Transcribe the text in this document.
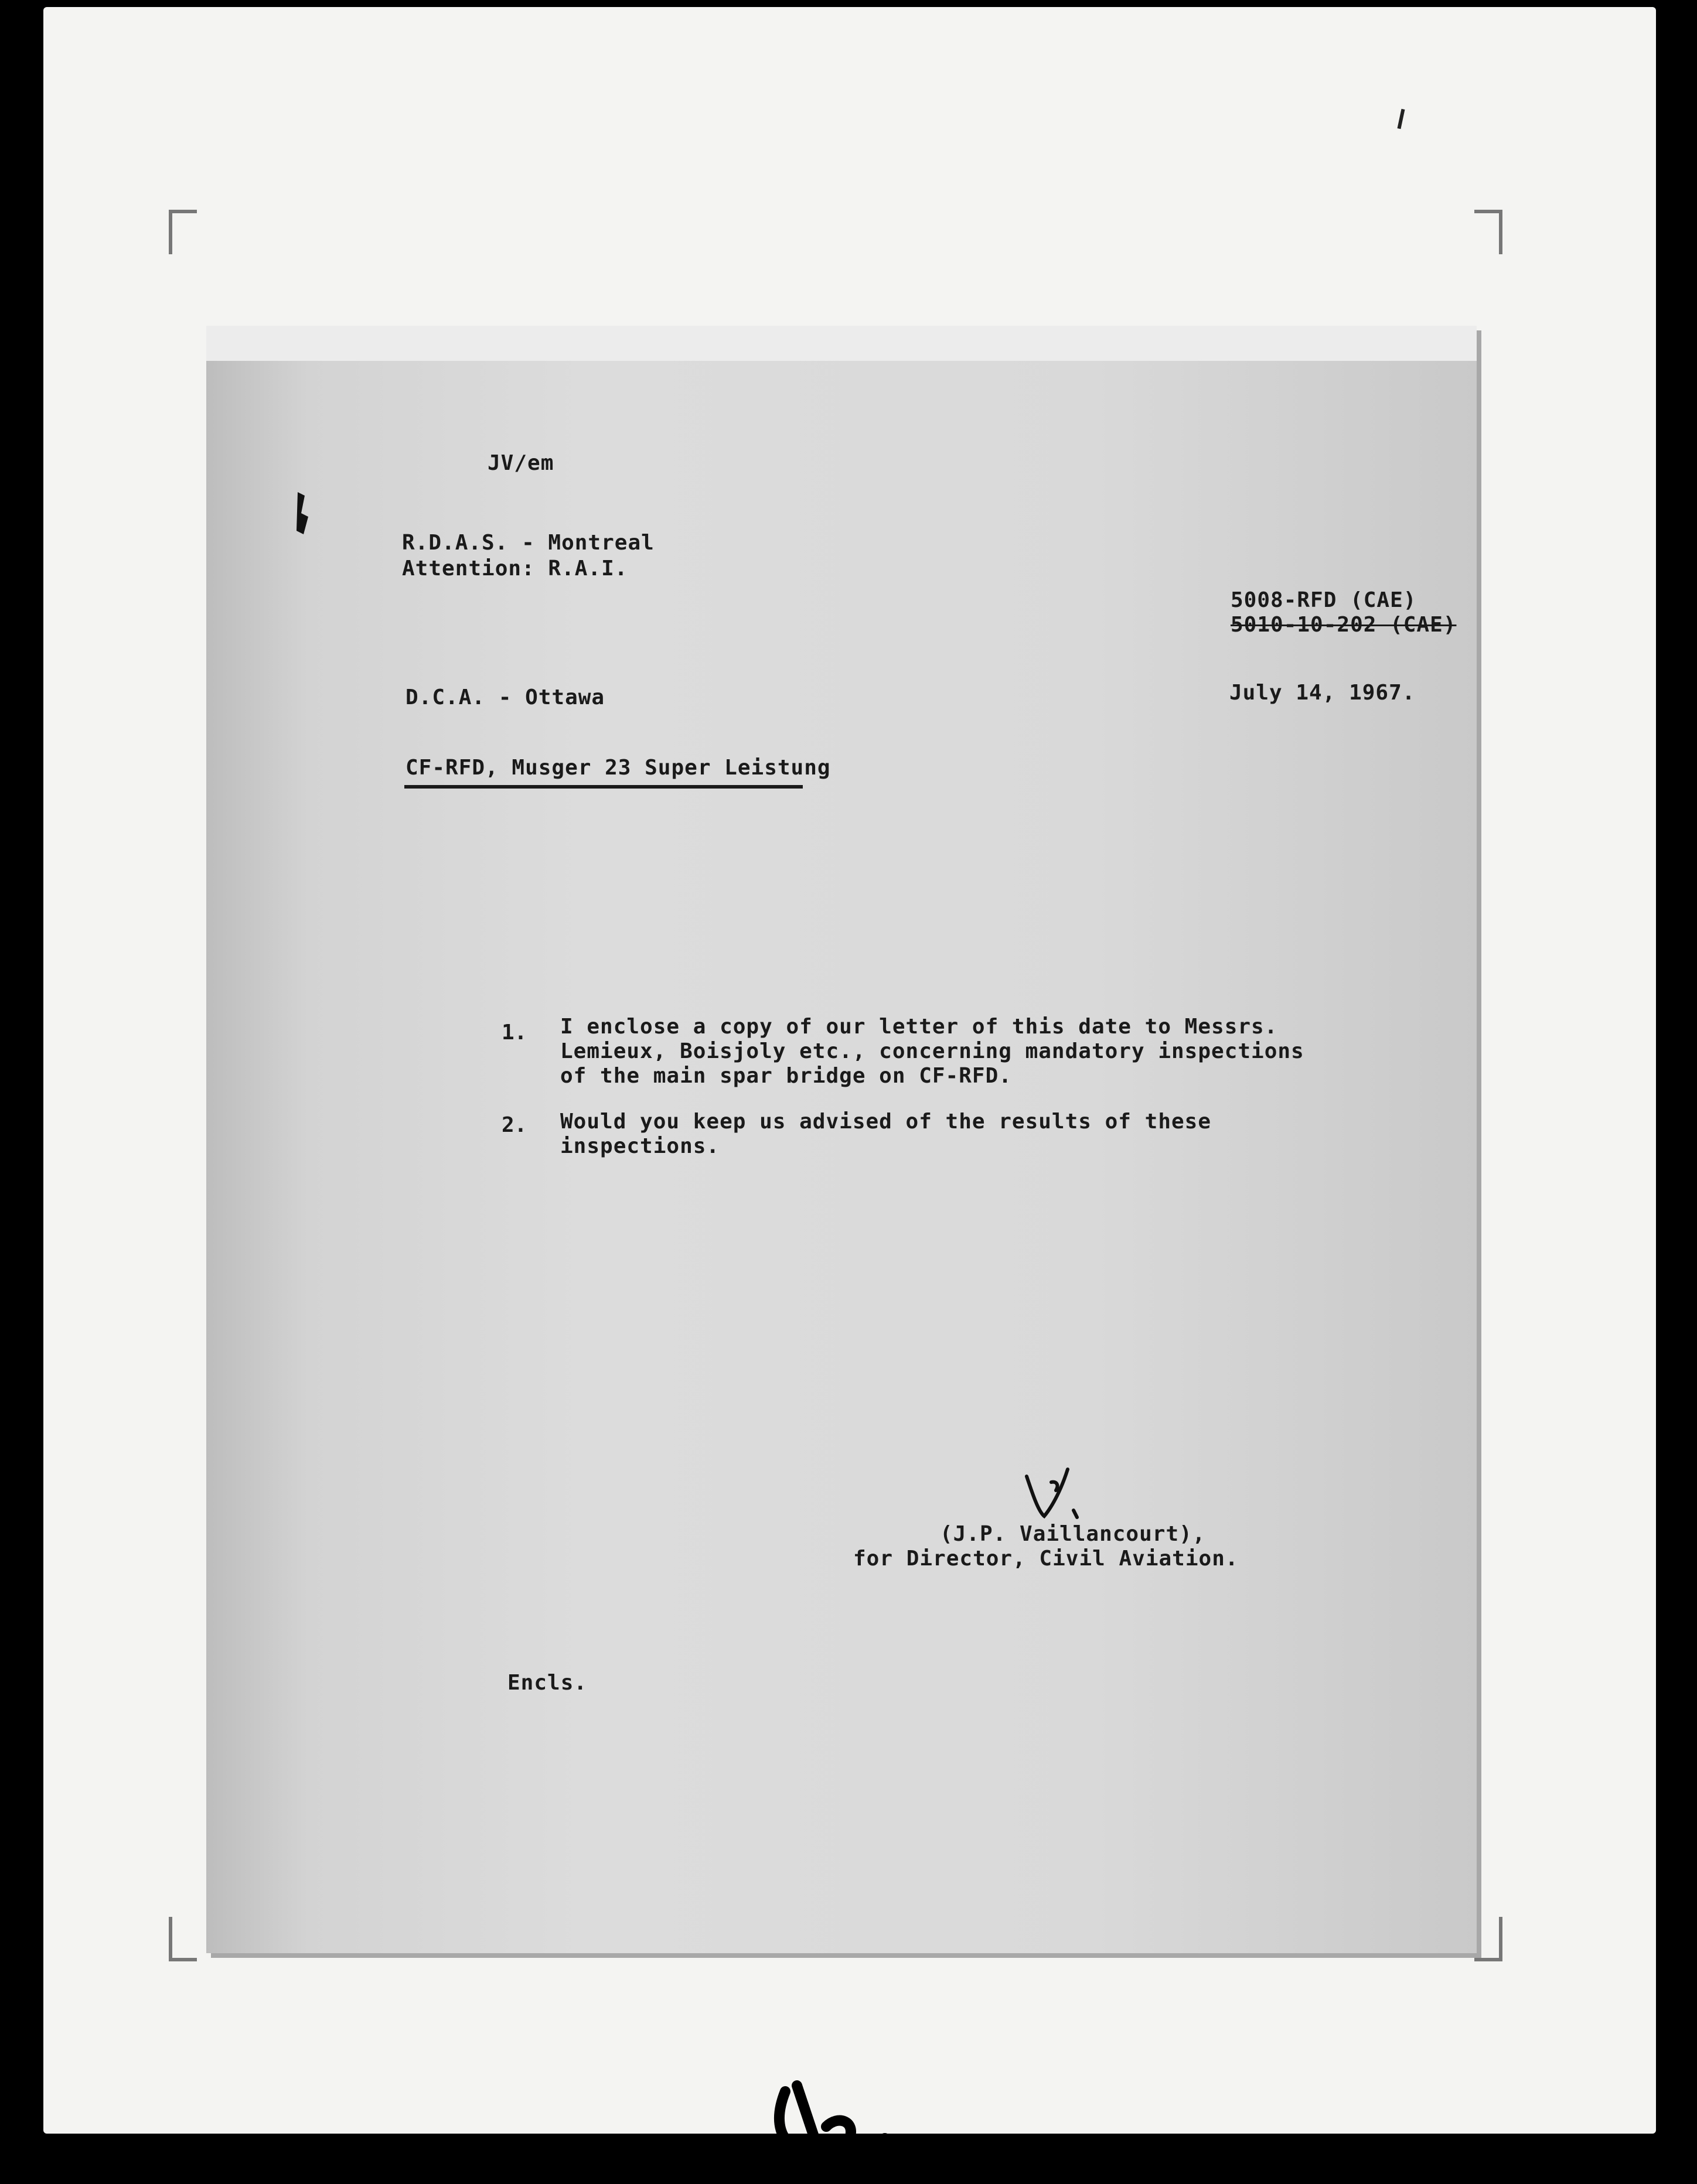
JV/em
R.D.A.S. - Montreal
Attention: R.A.I.
5008-RFD (CAE)
5010-10-202 (CAE)
D.C.A. - Ottawa	July 14, 1967.
CF-RFD, Musger 23 Super Leistung
1. I enclose a copy of our letter of this date to Messrs.
Lemieux, Boisjoly etc., concerning mandatory inspections
of the main spar bridge on CF-RFD.
2. Would you keep us advised of the results of these
inspections.
(J.P. Vaillancourt),
for Director, Civil Aviation.
Encls.
